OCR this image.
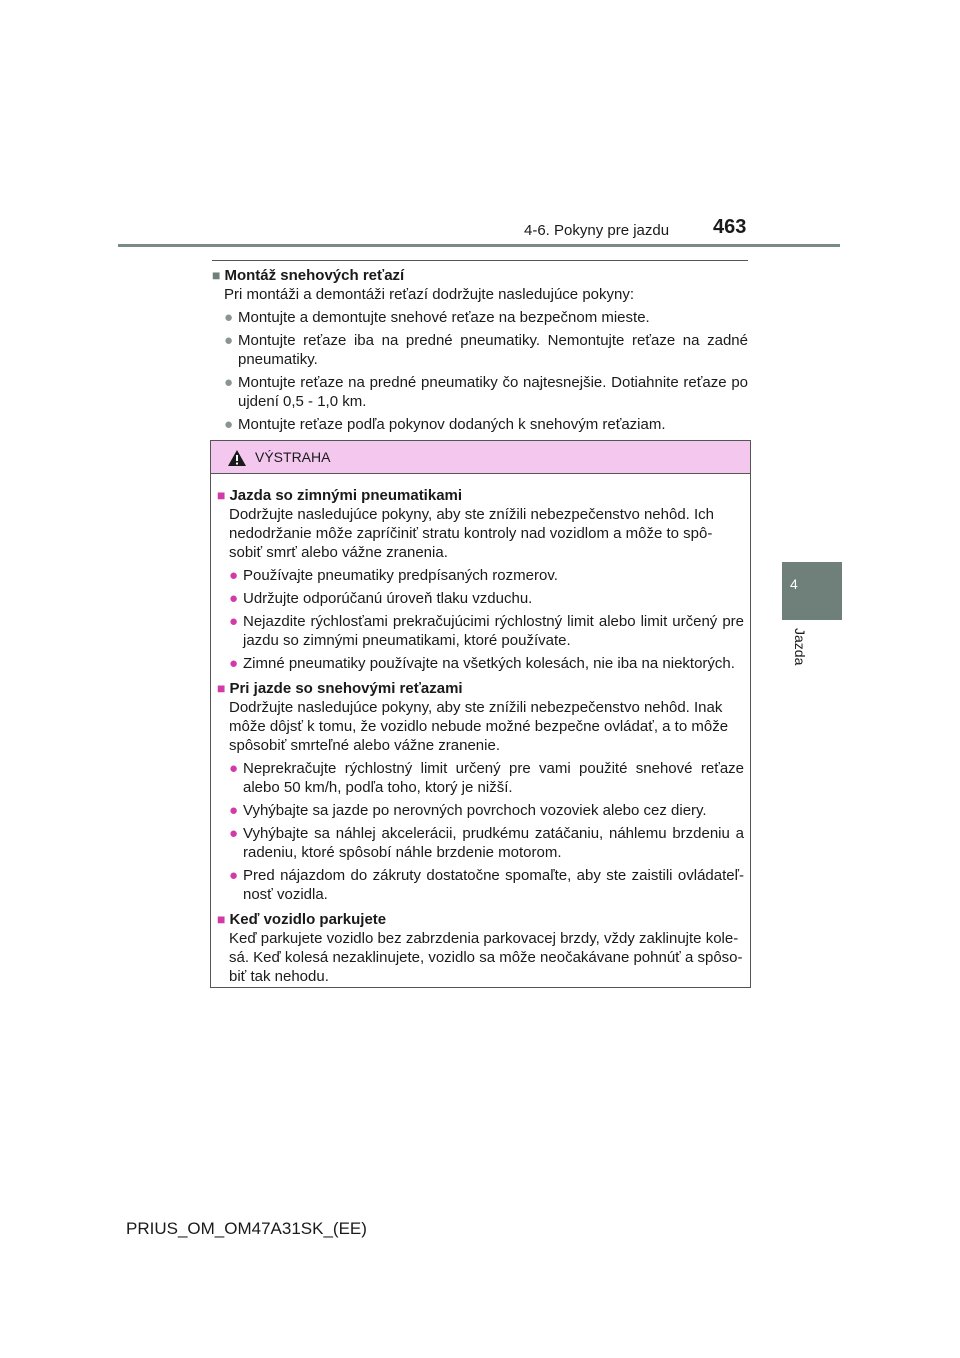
4-6. Pokyny pre jazdu 463
4
Jazda
■ Montáž snehových reťazí
Pri montáži a demontáži reťazí dodržujte nasledujúce pokyny:
● Montujte a demontujte snehové reťaze na bezpečnom mieste.
● Montujte reťaze iba na predné pneumatiky. Nemontujte reťaze na zadné pneumatiky.
● Montujte reťaze na predné pneumatiky čo najtesnejšie. Dotiahnite reťaze po ujdení 0,5 - 1,0 km.
● Montujte reťaze podľa pokynov dodaných k snehovým reťaziam.
VÝSTRAHA
■ Jazda so zimnými pneumatikami
Dodržujte nasledujúce pokyny, aby ste znížili nebezpečenstvo nehôd. Ich nedodržanie môže zapríčiniť stratu kontroly nad vozidlom a môže to spô-sobiť smrť alebo vážne zranenia.
● Používajte pneumatiky predpísaných rozmerov.
● Udržujte odporúčanú úroveň tlaku vzduchu.
● Nejazdite rýchlosťami prekračujúcimi rýchlostný limit alebo limit určený pre jazdu so zimnými pneumatikami, ktoré používate.
● Zimné pneumatiky používajte na všetkých kolesách, nie iba na niektorých.
■ Pri jazde so snehovými reťazami
Dodržujte nasledujúce pokyny, aby ste znížili nebezpečenstvo nehôd. Inak môže dôjsť k tomu, že vozidlo nebude možné bezpečne ovládať, a to môže spôsobiť smrteľné alebo vážne zranenie.
● Neprekračujte rýchlostný limit určený pre vami použité snehové reťaze alebo 50 km/h, podľa toho, ktorý je nižší.
● Vyhýbajte sa jazde po nerovných povrchoch vozoviek alebo cez diery.
● Vyhýbajte sa náhlej akcelerácii, prudkému zatáčaniu, náhlemu brzdeniu a radeniu, ktoré spôsobí náhle brzdenie motorom.
● Pred nájazdom do zákruty dostatočne spomaľte, aby ste zaistili ovládateľ-nosť vozidla.
■ Keď vozidlo parkujete
Keď parkujete vozidlo bez zabrzdenia parkovacej brzdy, vždy zaklinujte kole-sá. Keď kolesá nezaklinujete, vozidlo sa môže neočakávane pohnúť a spôso-biť tak nehodu.
PRIUS_OM_OM47A31SK_(EE)
